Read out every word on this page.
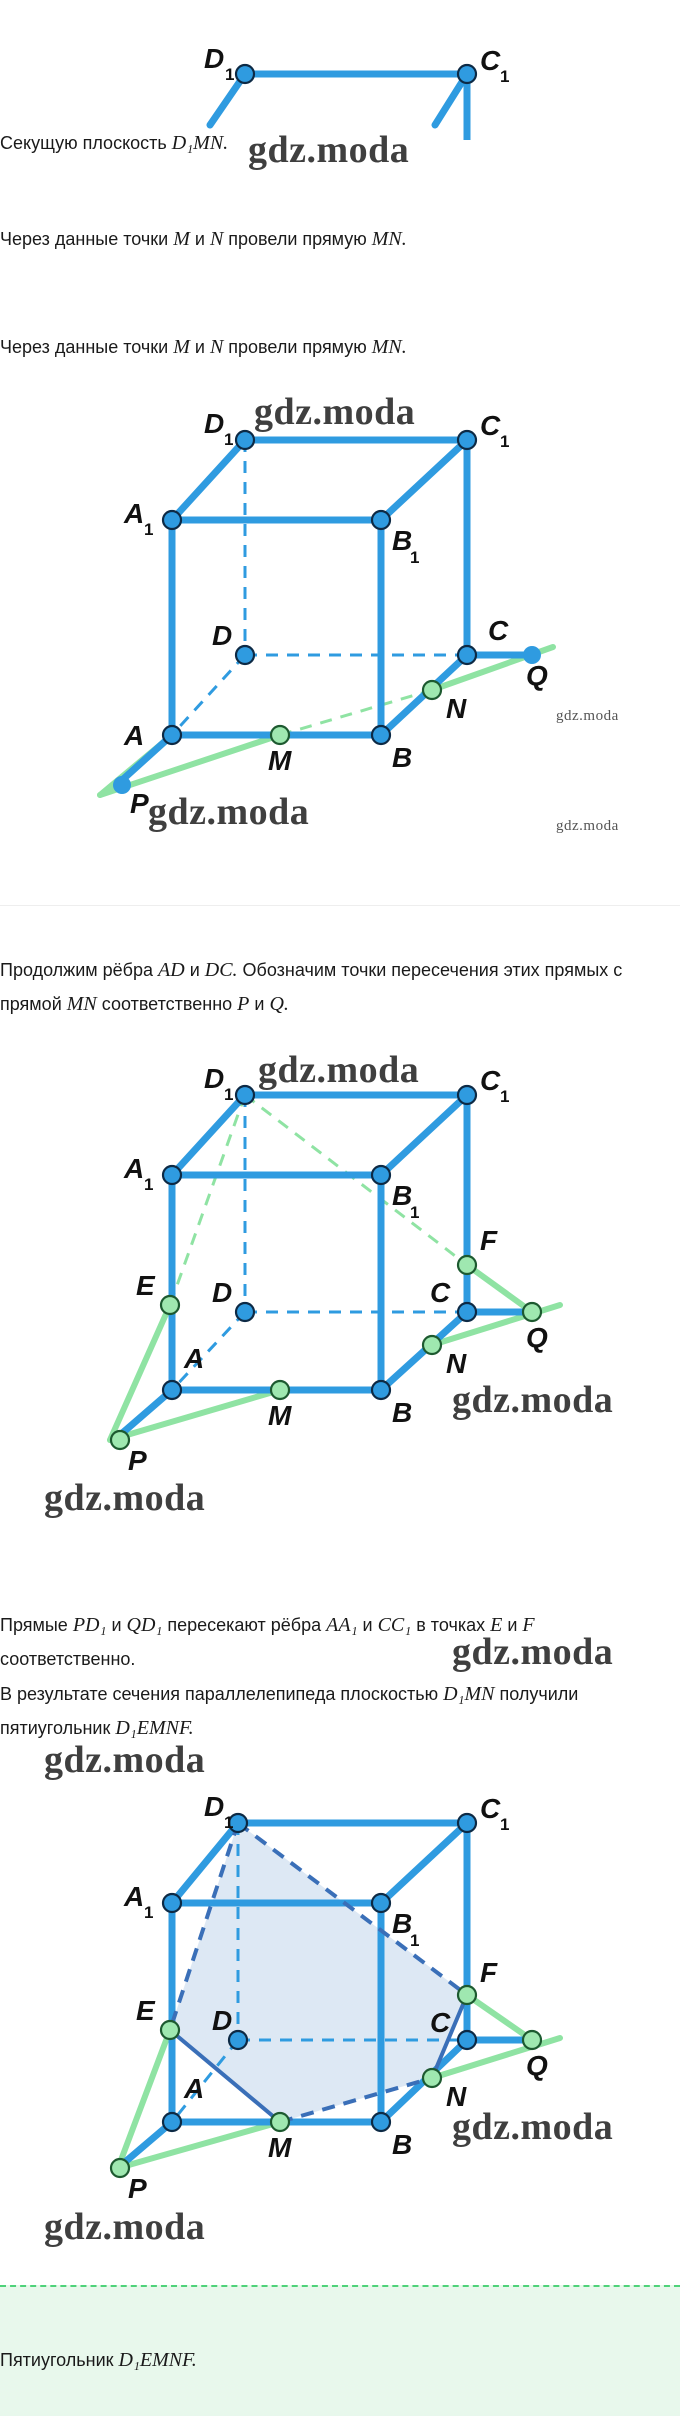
D
1	C
1
Секущую плоскость D₁MN. gdz.moda
Через данные точки M и N провели прямую MN.
Через данные точки M и N провели прямую MN.
D
1	C
1
A
1	B
1
D	C
A
B
M
N
Q
P
gdz.moda
gdz.moda
gdz.moda	gdz.moda
Продолжим рёбра AD и DC. Обозначим точки пересечения этих прямых с
прямой MN соответственно P и Q.
D
1	C
1
A
1	B
1
E
F
D	C
A
B
M
N
Q
P
gdz.moda
gdz.moda
gdz.moda
Прямые PD₁ и QD₁ пересекают рёбра AA₁ и CC₁ в точках E и F
соответственно.	gdz.moda
В результате сечения параллелепипеда плоскостью D₁MN получили
пятиугольник D₁EMNF.
gdz.moda
D
1	C
1
A
1	B
1
E
F
D	C
A
B
M
N
Q
P
gdz.moda
gdz.moda
Пятиугольник D₁EMNF.
